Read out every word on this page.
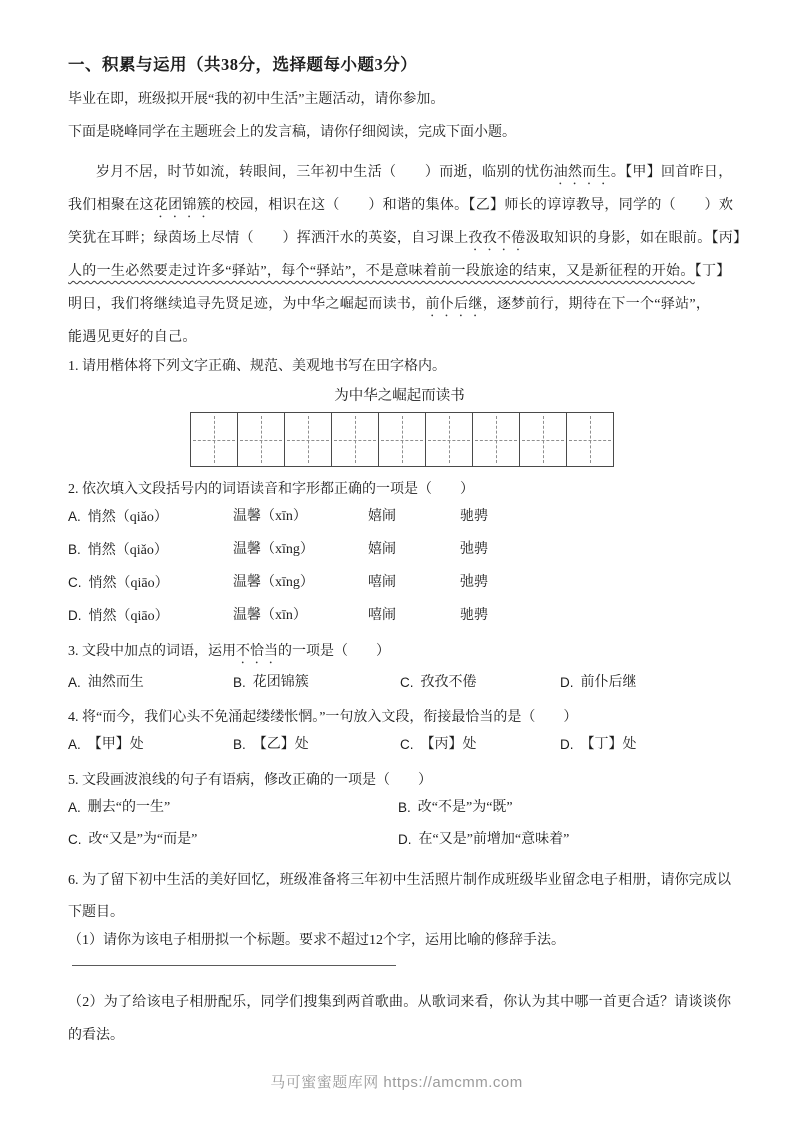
一、积累与运用（共38分，选择题每小题3分）
毕业在即，班级拟开展“我的初中生活”主题活动，请你参加。
下面是晓峰同学在主题班会上的发言稿，请你仔细阅读，完成下面小题。
岁月不居，时节如流，转眼间，三年初中生活（　　）而逝，临别的忧伤油然而生。【甲】回首昨日，
我们相聚在这花团锦簇的校园，相识在这（　　）和谐的集体。【乙】师长的谆谆教导，同学的（　　）欢
笑犹在耳畔；绿茵场上尽情（　　）挥洒汗水的英姿，自习课上孜孜不倦汲取知识的身影，如在眼前。【丙】
人的一生必然要走过许多“驿站”，每个“驿站”，不是意味着前一段旅途的结束，又是新征程的开始。【丁】
明日，我们将继续追寻先贤足迹，为中华之崛起而读书，前仆后继，逐梦前行，期待在下一个“驿站”，
能遇见更好的自己。
1. 请用楷体将下列文字正确、规范、美观地书写在田字格内。
为中华之崛起而读书
2. 依次填入文段括号内的词语读音和字形都正确的一项是（　　）
A. 悄然（qiǎo）	温馨（xīn）	嬉闹	驰骋
B. 悄然（qiǎo）	温馨（xīng）	嬉闹	弛骋
C. 悄然（qiāo）	温馨（xīng）	嘻闹	弛骋
D. 悄然（qiāo）	温馨（xīn）	嘻闹	驰骋
3. 文段中加点的词语，运用不恰当的一项是（　　）
A. 油然而生	B. 花团锦簇	C. 孜孜不倦	D. 前仆后继
4. 将“而今，我们心头不免涌起缕缕怅惘。”一句放入文段，衔接最恰当的是（　　）
A. 【甲】处	B. 【乙】处	C. 【丙】处	D. 【丁】处
5. 文段画波浪线的句子有语病，修改正确的一项是（　　）
A. 删去“的一生”	B. 改“不是”为“既”
C. 改“又是”为“而是”	D. 在“又是”前增加“意味着”
6. 为了留下初中生活的美好回忆，班级准备将三年初中生活照片制作成班级毕业留念电子相册，请你完成以下题目。
（1）请你为该电子相册拟一个标题。要求不超过12个字，运用比喻的修辞手法。
（2）为了给该电子相册配乐，同学们搜集到两首歌曲。从歌词来看，你认为其中哪一首更合适？请谈谈你的看法。
马可蜜蜜题库网 https://amcmm.com
